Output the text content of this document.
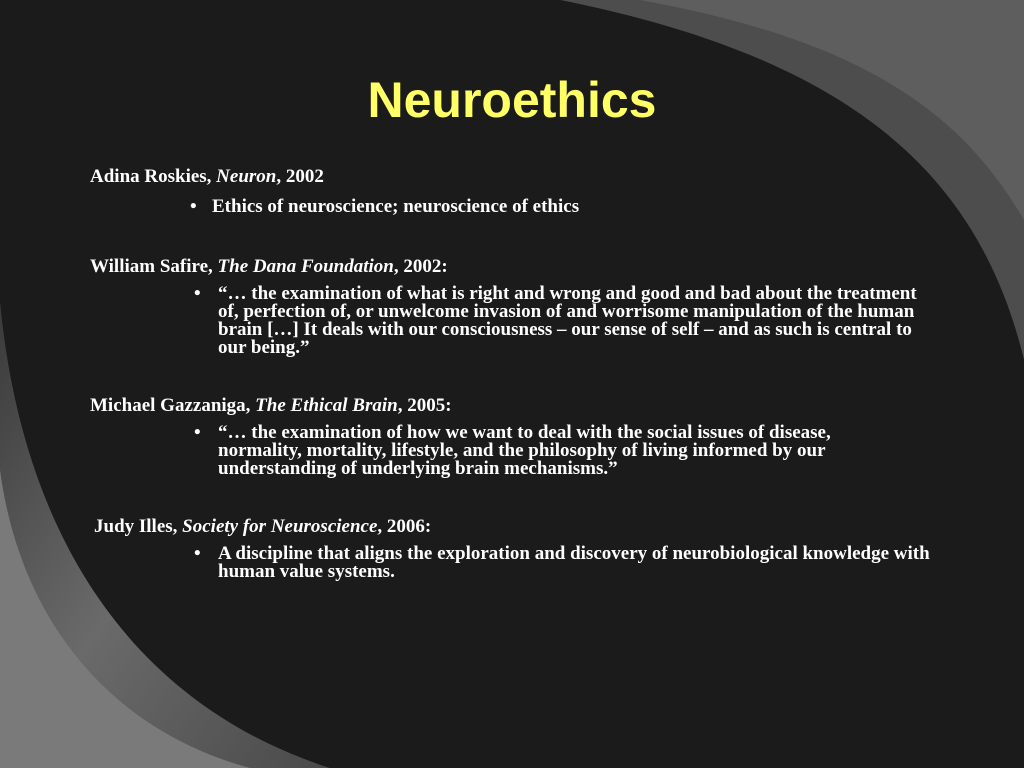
Neuroethics
Adina Roskies, Neuron, 2002
• Ethics of neuroscience; neuroscience of ethics
William Safire, The Dana Foundation, 2002:
• “… the examination of what is right and wrong and good and bad about the treatment of, perfection of, or unwelcome invasion of and worrisome manipulation of the human brain […] It deals with our consciousness – our sense of self – and as such is central to our being.”
Michael Gazzaniga, The Ethical Brain, 2005:
• “… the examination of how we want to deal with the social issues of disease, normality, mortality, lifestyle, and the philosophy of living informed by our understanding of underlying brain mechanisms.”
Judy Illes, Society for Neuroscience, 2006:
• A discipline that aligns the exploration and discovery of neurobiological knowledge with human value systems.
